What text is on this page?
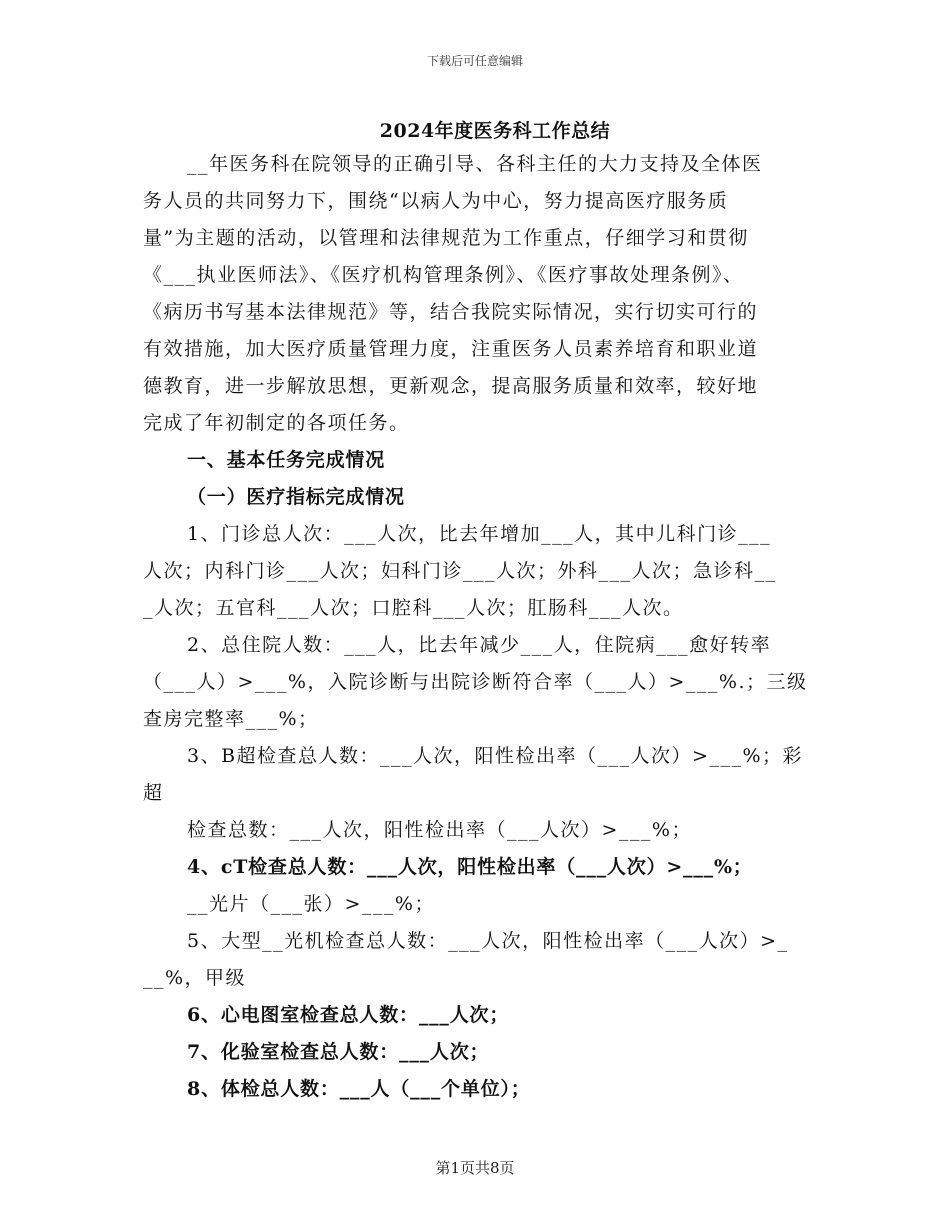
下载后可任意编辑
2024年度医务科工作总结
__年医务科在院领导的正确引导、各科主任的大力支持及全体医
务人员的共同努力下，围绕“以病人为中心，努力提高医疗服务质
量”为主题的活动，以管理和法律规范为工作重点，仔细学习和贯彻
《___执业医师法》、《医疗机构管理条例》、《医疗事故处理条例》、
《病历书写基本法律规范》等，结合我院实际情况，实行切实可行的
有效措施，加大医疗质量管理力度，注重医务人员素养培育和职业道
德教育，进一步解放思想，更新观念，提高服务质量和效率，较好地
完成了年初制定的各项任务。
一、基本任务完成情况
（一）医疗指标完成情况
1、门诊总人次：___人次，比去年增加___人，其中儿科门诊___
人次；内科门诊___人次；妇科门诊___人次；外科___人次；急诊科__
_人次；五官科___人次；口腔科___人次；肛肠科___人次。
2、总住院人数：___人，比去年减少___人，住院病___愈好转率
（___人）>___%，入院诊断与出院诊断符合率（___人）>___%.；三级
查房完整率___%；
3、B超检查总人数：___人次，阳性检出率（___人次）>___%；彩
超
检查总数：___人次，阳性检出率（___人次）>___%；
4、cT检查总人数：___人次，阳性检出率（___人次）>___%；
__光片（___张）>___%；
5、大型__光机检查总人数：___人次，阳性检出率（___人次）>_
__%，甲级
6、心电图室检查总人数：___人次；
7、化验室检查总人数：___人次；
8、体检总人数：___人（___个单位）；
第1页共8页
